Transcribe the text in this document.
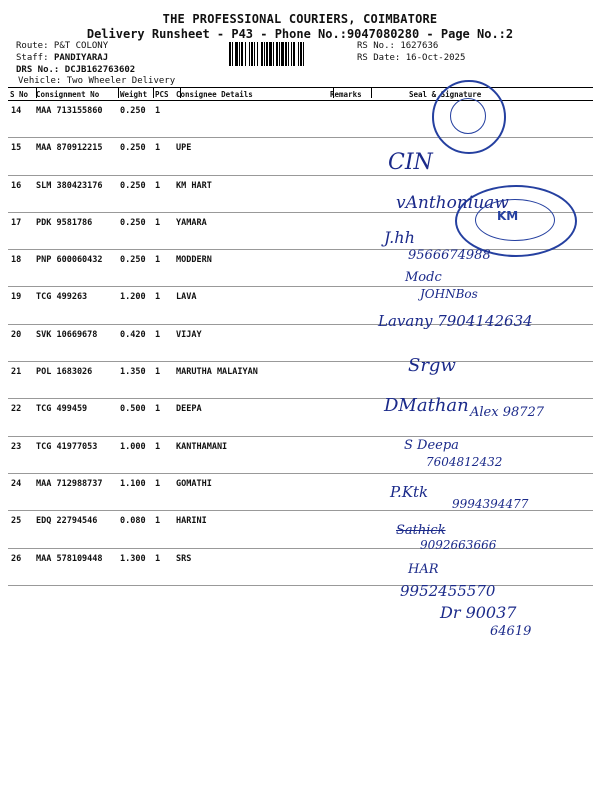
THE PROFESSIONAL COURIERS, COIMBATORE
Delivery Runsheet - P43 - Phone No.:9047080280 - Page No.:2
Route: P&T COLONY
Staff: PANDIYARAJ
DRS No.: DCJB162763602
Vehicle: Two Wheeler Delivery
RS No.: 1627636
RS Date: 16-Oct-2025
S No	Consignment No	Weight	PCS	Consignee Details	Remarks	Seal & Signature
14	MAA 713155860	0.250	1			
15	MAA 870912215	0.250	1	UPE		
16	SLM 380423176	0.250	1	KM HART		
17	PDK 9581786	0.250	1	YAMARA		
18	PNP 600060432	0.250	1	MODDERN		
19	TCG 499263	1.200	1	LAVA		
20	SVK 10669678	0.420	1	VIJAY		
21	POL 1683026	1.350	1	MARUTHA MALAIYAN		
22	TCG 499459	0.500	1	DEEPA		
23	TCG 41977053	1.000	1	KANTHAMANI		
24	MAA 712988737	1.100	1	GOMATHI		
25	EDQ 22794546	0.080	1	HARINI		
26	MAA 578109448	1.300	1	SRS		
KM
CIN
vAnthoniuaw
J.hh
9566674988
Modc
JOHNBos
Lavany 7904142634
Srgw
DMathan Alex 98727
S Deepa
7604812432
P.Ktk
9994394477
Sathick
9092663666
HAR
9952455570
Dr 90037
64619
